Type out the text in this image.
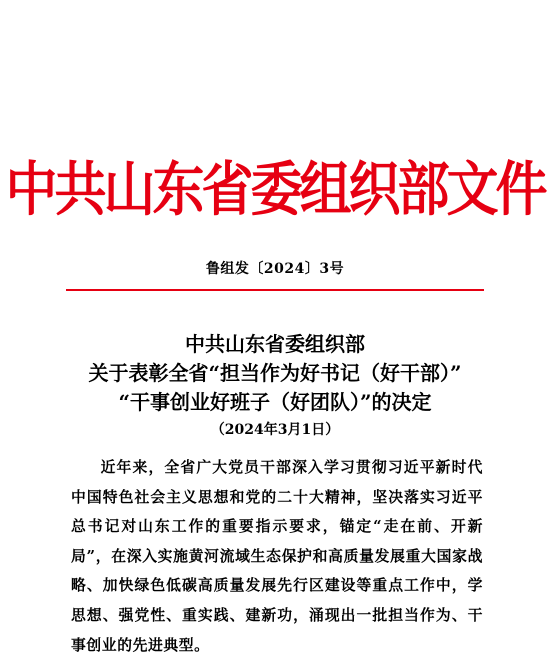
中共山东省委组织部文件
鲁组发〔2024〕3号
中共山东省委组织部
关于表彰全省“担当作为好书记（好干部）”
“干事创业好班子（好团队）”的决定
（2024年3月1日）

近年来，全省广大党员干部深入学习贯彻习近平新时代中国特色社会主义思想和党的二十大精神，坚决落实习近平总书记对山东工作的重要指示要求，锚定“走在前、开新局”，在深入实施黄河流域生态保护和高质量发展重大国家战略、加快绿色低碳高质量发展先行区建设等重点工作中，学思想、强党性、重实践、建新功，涌现出一批担当作为、干事创业的先进典型。
